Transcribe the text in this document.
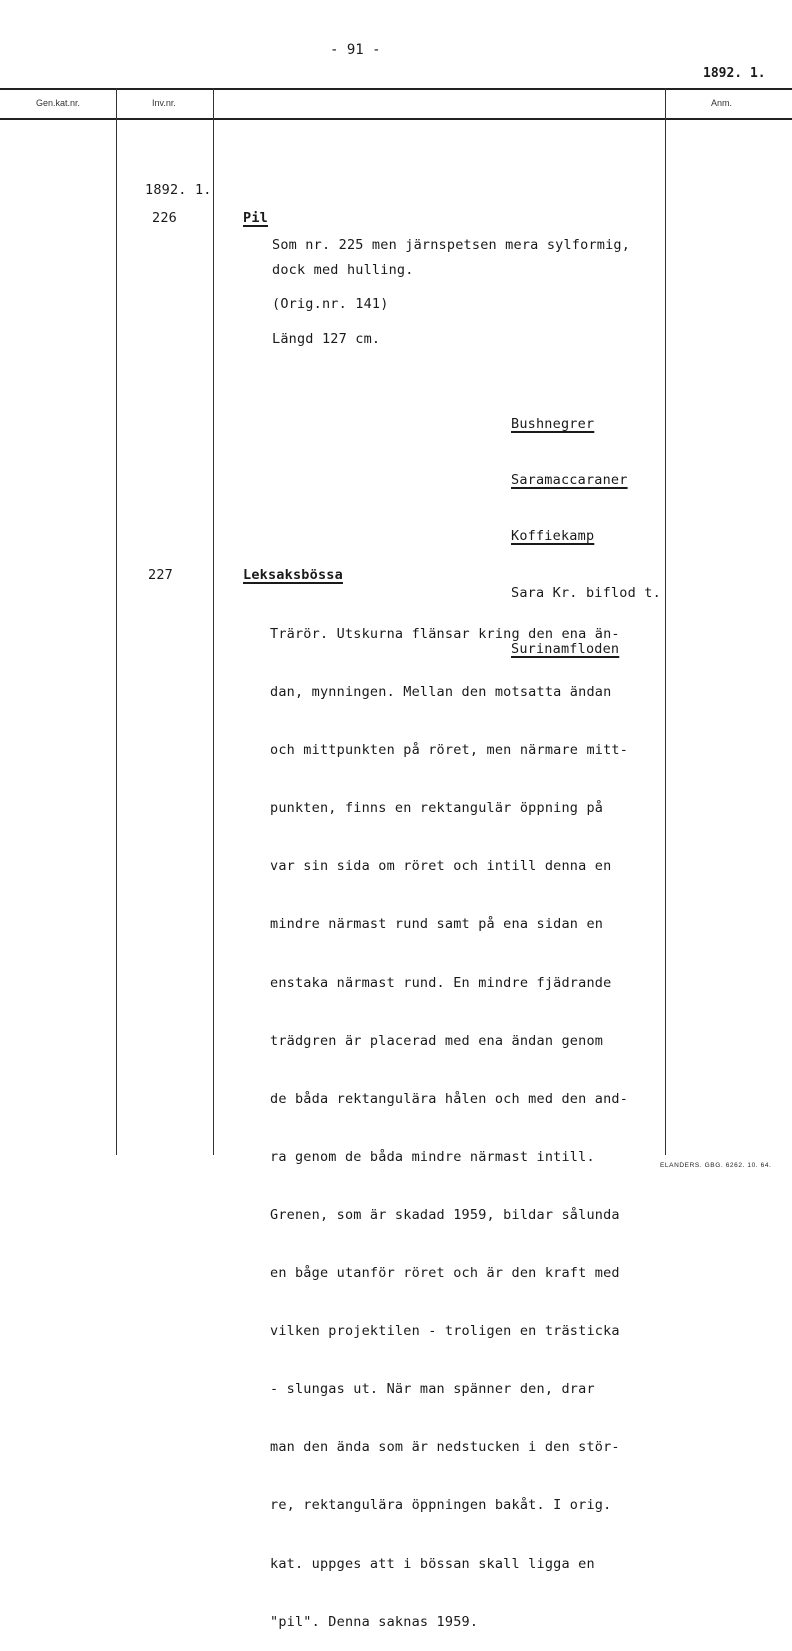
- 91 -
1892. 1.
Gen.kat.nr.	Inv.nr.	Anm.
1892. 1.
226	Pil
Som nr. 225 men järnspetsen mera sylformig,
dock med hulling.
(Orig.nr. 141)
Längd 127 cm.

Bushnegrer

Saramaccaraner

Koffiekamp

Sara Kr. biflod t.

Surinamfloden

227	Leksaksbössa

Trärör. Utskurna flänsar kring den ena än-

dan, mynningen. Mellan den motsatta ändan

och mittpunkten på röret, men närmare mitt-

punkten, finns en rektangulär öppning på

var sin sida om röret och intill denna en

mindre närmast rund samt på ena sidan en

enstaka närmast rund. En mindre fjädrande

trädgren är placerad med ena ändan genom

de båda rektangulära hålen och med den and-

ra genom de båda mindre närmast intill.

Grenen, som är skadad 1959, bildar sålunda

en båge utanför röret och är den kraft med

vilken projektilen - troligen en trästicka

- slungas ut. När man spänner den, drar

man den ända som är nedstucken i den stör-

re, rektangulära öppningen bakåt. I orig.

kat. uppges att i bössan skall ligga en

"pil". Denna saknas 1959.

ELANDERS. GBG. 6262. 10. 64.
